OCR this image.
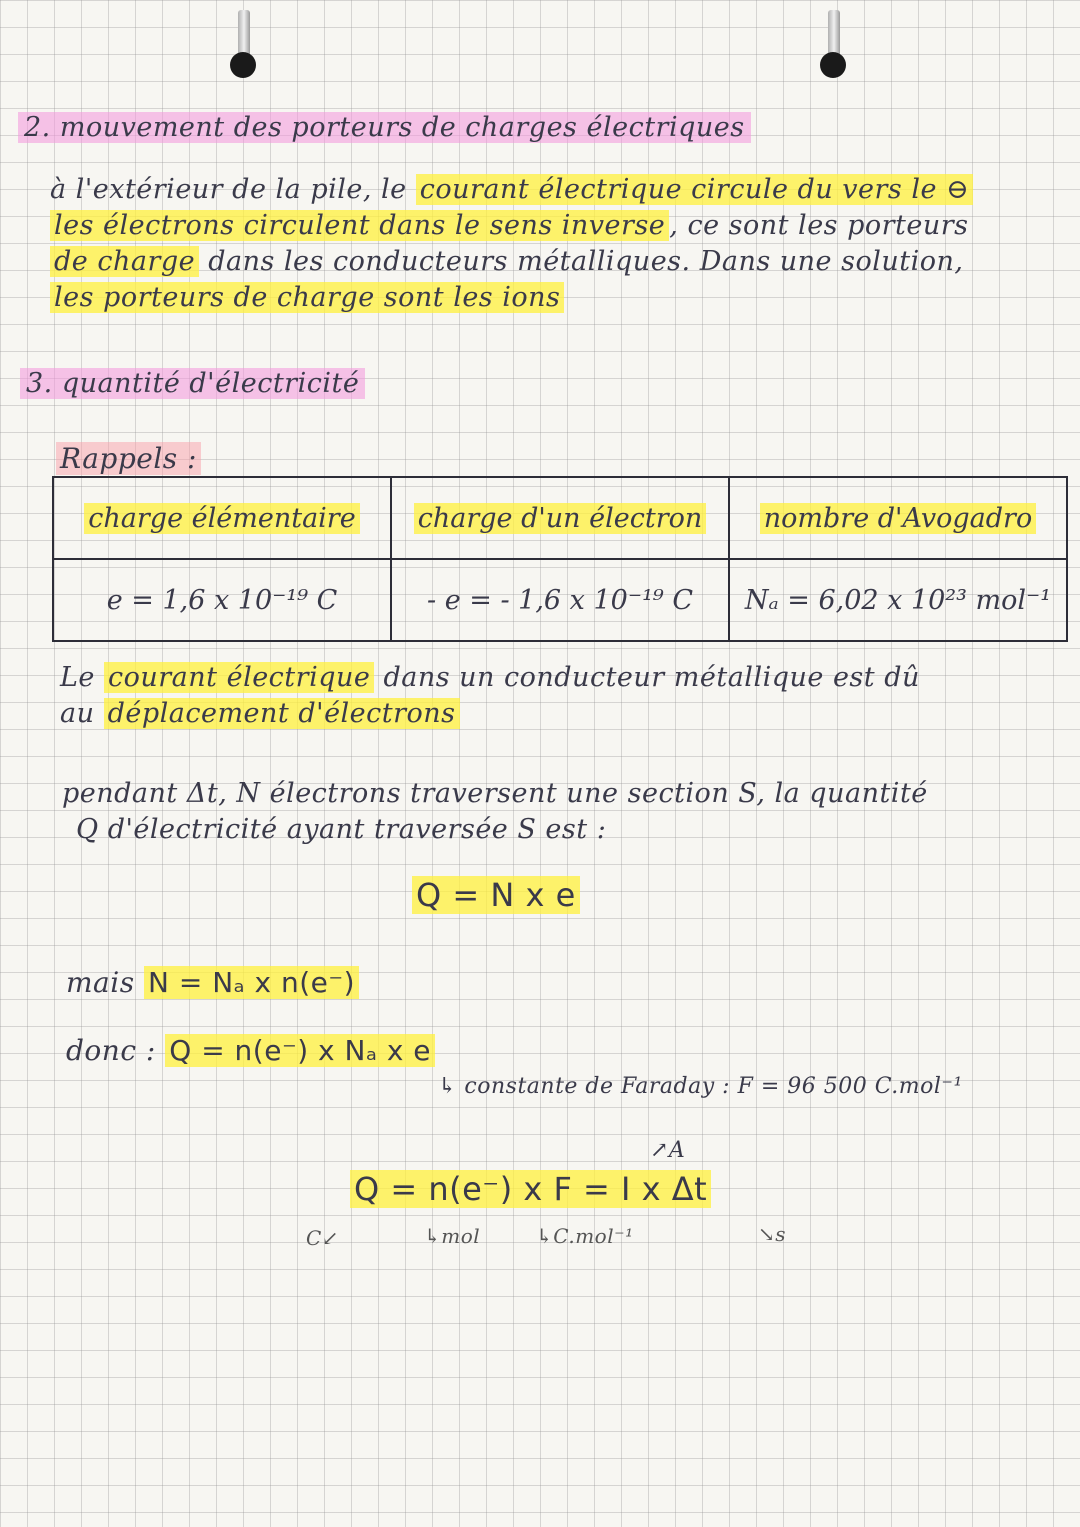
2. mouvement des porteurs de charges électriques
à l'extérieur de la pile, le courant électrique circule du vers le ⊖
les électrons circulent dans le sens inverse , ce sont les porteurs
de charge dans les conducteurs métalliques. Dans une solution,
les porteurs de charge sont les ions
3. quantité d'électricité
Rappels :
charge élémentaire	charge d'un électron	nombre d'Avogadro
e = 1,6 x 10⁻¹⁹ C	- e = - 1,6 x 10⁻¹⁹ C	Nₐ = 6,02 x 10²³ mol⁻¹
Le courant électrique dans un conducteur métallique est dû
au déplacement d'électrons
pendant Δt, N électrons traversent une section S, la quantité
Q d'électricité ayant traversée S est :
Q = N x e
mais N = Nₐ x n(e⁻)
donc : Q = n(e⁻) x Nₐ x e
↳ constante de Faraday : F = 96 500 C.mol⁻¹
↗A
Q = n(e⁻) x F = I x Δt
C↙	↳mol	↳C.mol⁻¹	↘s
